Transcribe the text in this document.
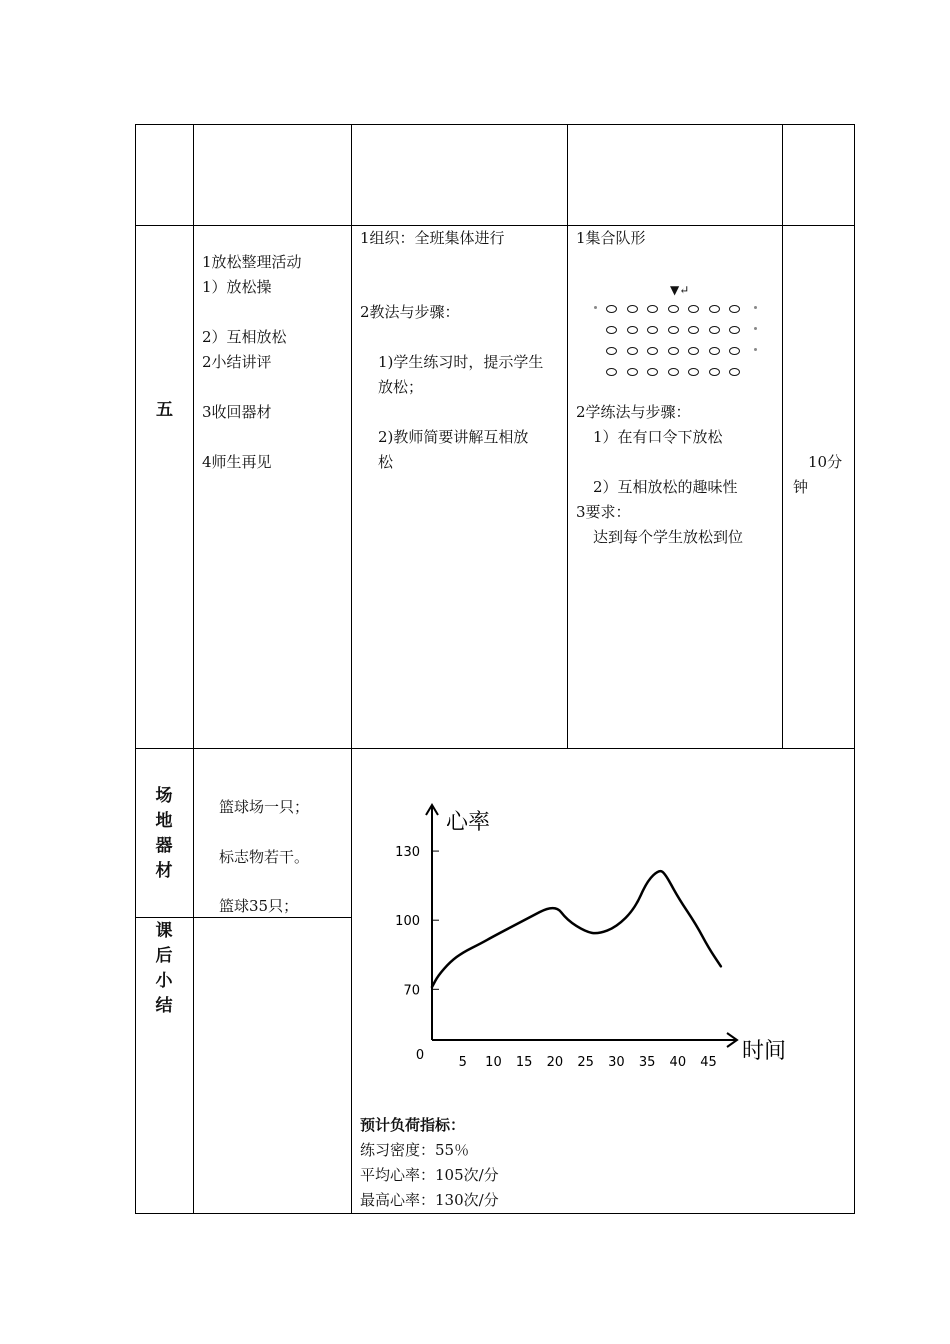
五
1放松整理活动
1）放松操
2）互相放松
2小结讲评
3收回器材
4师生再见
1组织：全班集体进行
2教法与步骤：
1)学生练习时，提示学生
放松；
2)教师简要讲解互相放
松
1集合队形
▼↵
2学练法与步骤：
1）在有口令下放松
2）互相放松的趣味性
3要求：
达到每个学生放松到位
10分
钟
场地器材
篮球场一只；
标志物若干。
篮球35只；
课后小结
心率
时间
0	5 10 15 20 25 30 35 40 45
70
100
130
预计负荷指标：
练习密度：55％
平均心率：105次/分
最高心率：130次/分
